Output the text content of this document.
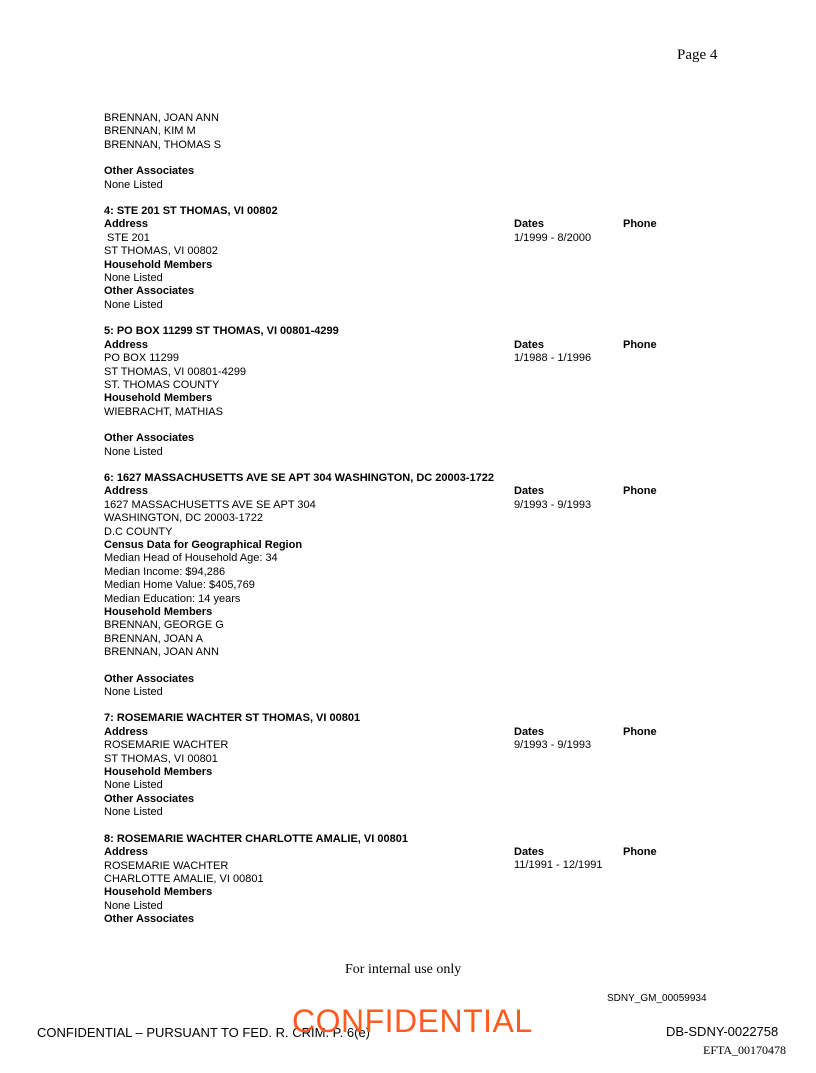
Page 4
BRENNAN, JOAN ANN
BRENNAN, KIM M
BRENNAN, THOMAS S
Other Associates
None Listed
4: STE 201 ST THOMAS, VI 00802
Address
STE 201
ST THOMAS, VI 00802
Household Members
None Listed
Other Associates
None Listed
Dates
1/1999 - 8/2000
Phone
5: PO BOX 11299 ST THOMAS, VI 00801-4299
Address
PO BOX 11299
ST THOMAS, VI 00801-4299
ST. THOMAS COUNTY
Household Members
WIEBRACHT, MATHIAS
Other Associates
None Listed
Dates
1/1988 - 1/1996
Phone
6: 1627 MASSACHUSETTS AVE SE APT 304 WASHINGTON, DC 20003-1722
Address
1627 MASSACHUSETTS AVE SE APT 304
WASHINGTON, DC 20003-1722
D.C COUNTY
Census Data for Geographical Region
Median Head of Household Age: 34
Median Income: $94,286
Median Home Value: $405,769
Median Education: 14 years
Household Members
BRENNAN, GEORGE G
BRENNAN, JOAN A
BRENNAN, JOAN ANN
Other Associates
None Listed
Dates
9/1993 - 9/1993
Phone
7: ROSEMARIE WACHTER ST THOMAS, VI 00801
Address
ROSEMARIE WACHTER
ST THOMAS, VI 00801
Household Members
None Listed
Other Associates
None Listed
Dates
9/1993 - 9/1993
Phone
8: ROSEMARIE WACHTER CHARLOTTE AMALIE, VI 00801
Address
ROSEMARIE WACHTER
CHARLOTTE AMALIE, VI 00801
Household Members
None Listed
Other Associates
Dates
11/1991 - 12/1991
Phone
For internal use only
SDNY_GM_00059934
CONFIDENTIAL – PURSUANT TO FED. R. CRIM. P. 6(e)
CONFIDENTIAL	DB-SDNY-0022758
EFTA_00170478
